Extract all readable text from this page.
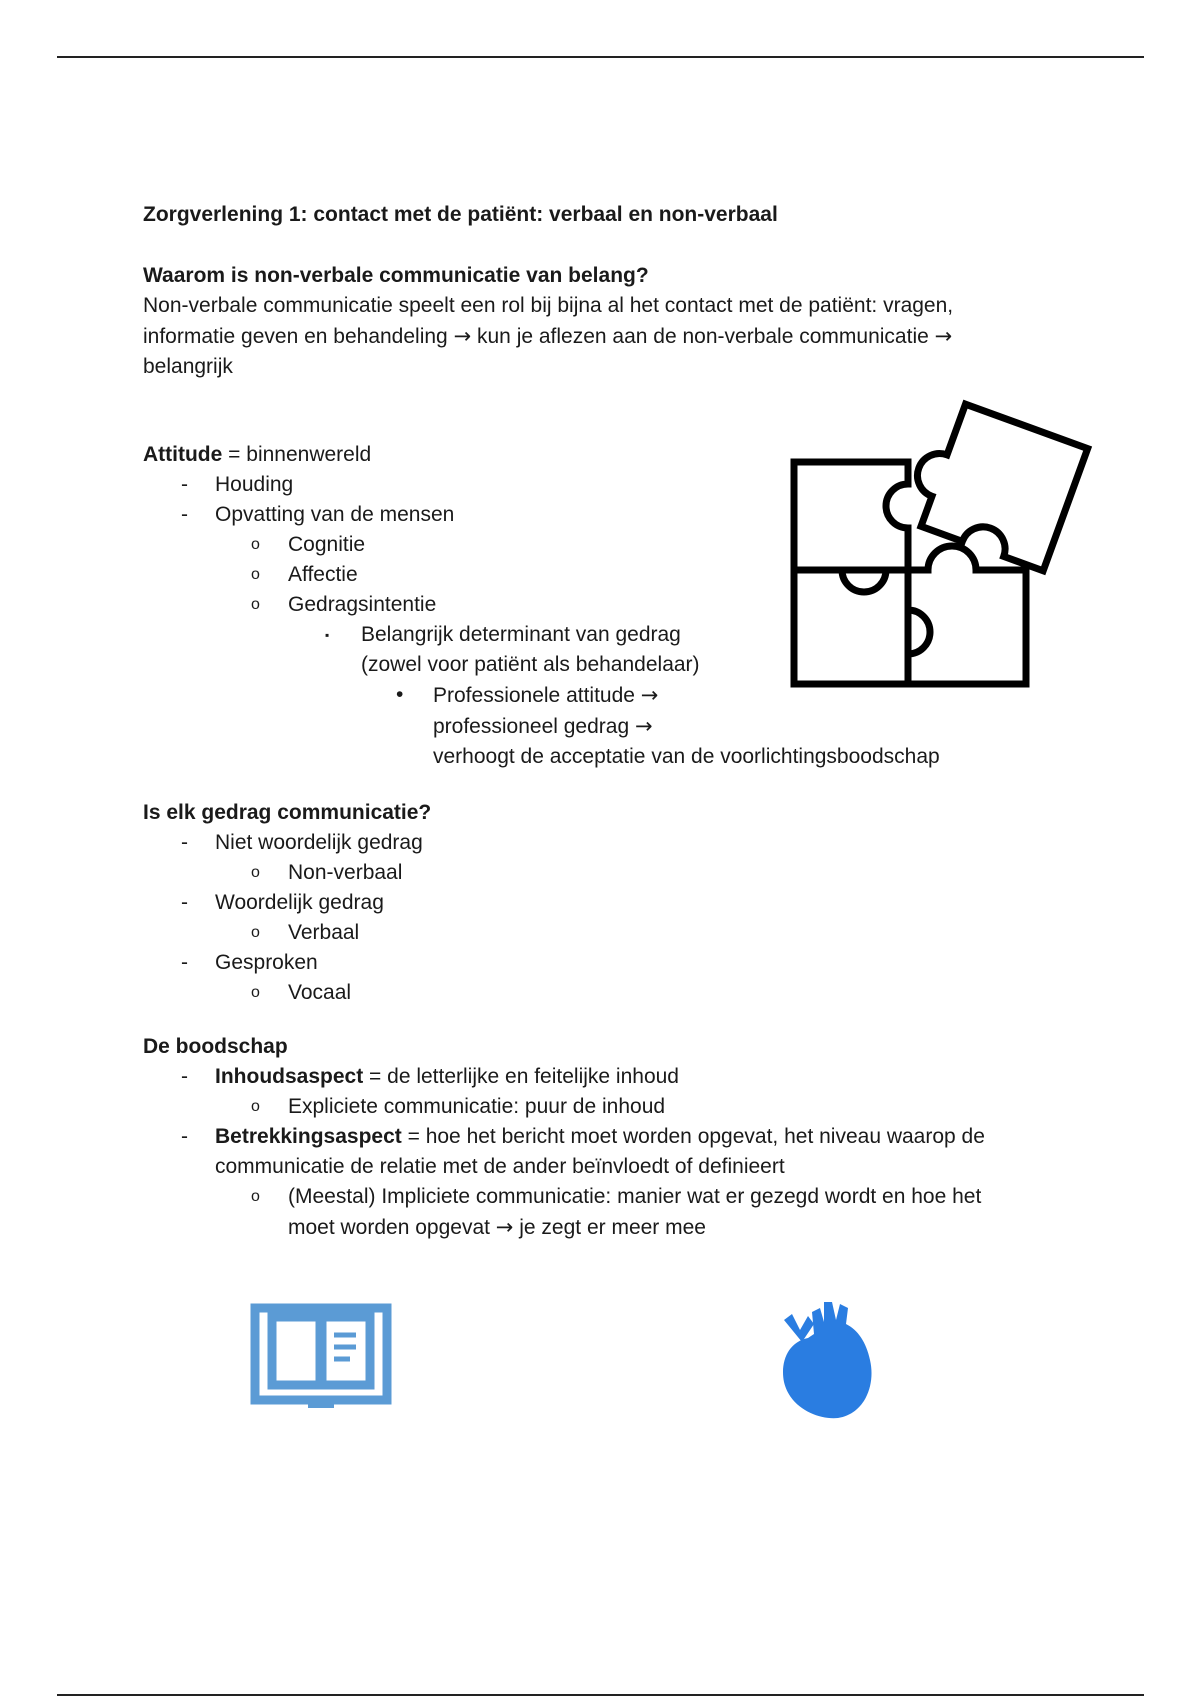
Zorgverlening 1: contact met de patiënt: verbaal en non-verbaal

Waarom is non-verbale communicatie van belang?

Non-verbale communicatie speelt een rol bij bijna al het contact met de patiënt: vragen,

informatie geven en behandeling → kun je aflezen aan de non-verbale communicatie →

belangrijk

Attitude = binnenwereld

- Houding
- Opvatting van de mensen
o Cognitie
o Affectie
o Gedragsintentie
▪ Belangrijk determinant van gedrag
(zowel voor patiënt als behandelaar)
• Professionele attitude →
professioneel gedrag →
verhoogt de acceptatie van de voorlichtingsboodschap

Is elk gedrag communicatie?

- Niet woordelijk gedrag
o Non-verbaal
- Woordelijk gedrag
o Verbaal
- Gesproken
o Vocaal

De boodschap

- Inhoudsaspect = de letterlijke en feitelijke inhoud
o Expliciete communicatie: puur de inhoud
- Betrekkingsaspect = hoe het bericht moet worden opgevat, het niveau waarop de
communicatie de relatie met de ander beïnvloedt of definieert
o (Meestal) Impliciete communicatie: manier wat er gezegd wordt en hoe het
moet worden opgevat → je zegt er meer mee
